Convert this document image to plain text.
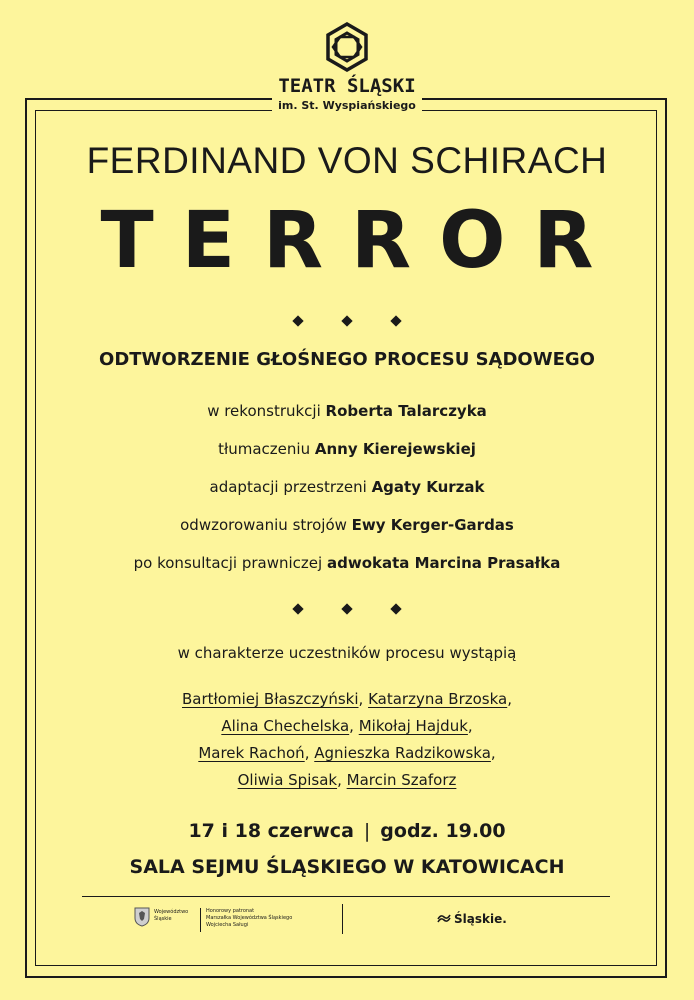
TEATR ŚLĄSKI
im. St. Wyspiańskiego
FERDINAND VON SCHIRACH
TERROR

ODTWORZENIE GŁOŚNEGO PROCESU SĄDOWEGO
w rekonstrukcji Roberta Talarczyka
tłumaczeniu Anny Kierejewskiej
adaptacji przestrzeni Agaty Kurzak
odwzorowaniu strojów Ewy Kerger-Gardas
po konsultacji prawniczej adwokata Marcina Prasałka

w charakterze uczestników procesu wystąpią
Bartłomiej Błaszczyński, Katarzyna Brzoska,
Alina Chechelska, Mikołaj Hajduk,
Marek Rachoń, Agnieszka Radzikowska,
Oliwia Spisak, Marcin Szaforz
17 i 18 czerwca | godz. 19.00
SALA SEJMU ŚLĄSKIEGO W KATOWICACH
Województwo
Śląskie
Honorowy patronat
Marszałka Województwa Śląskiego
Wojciecha Saługi	Śląskie.
